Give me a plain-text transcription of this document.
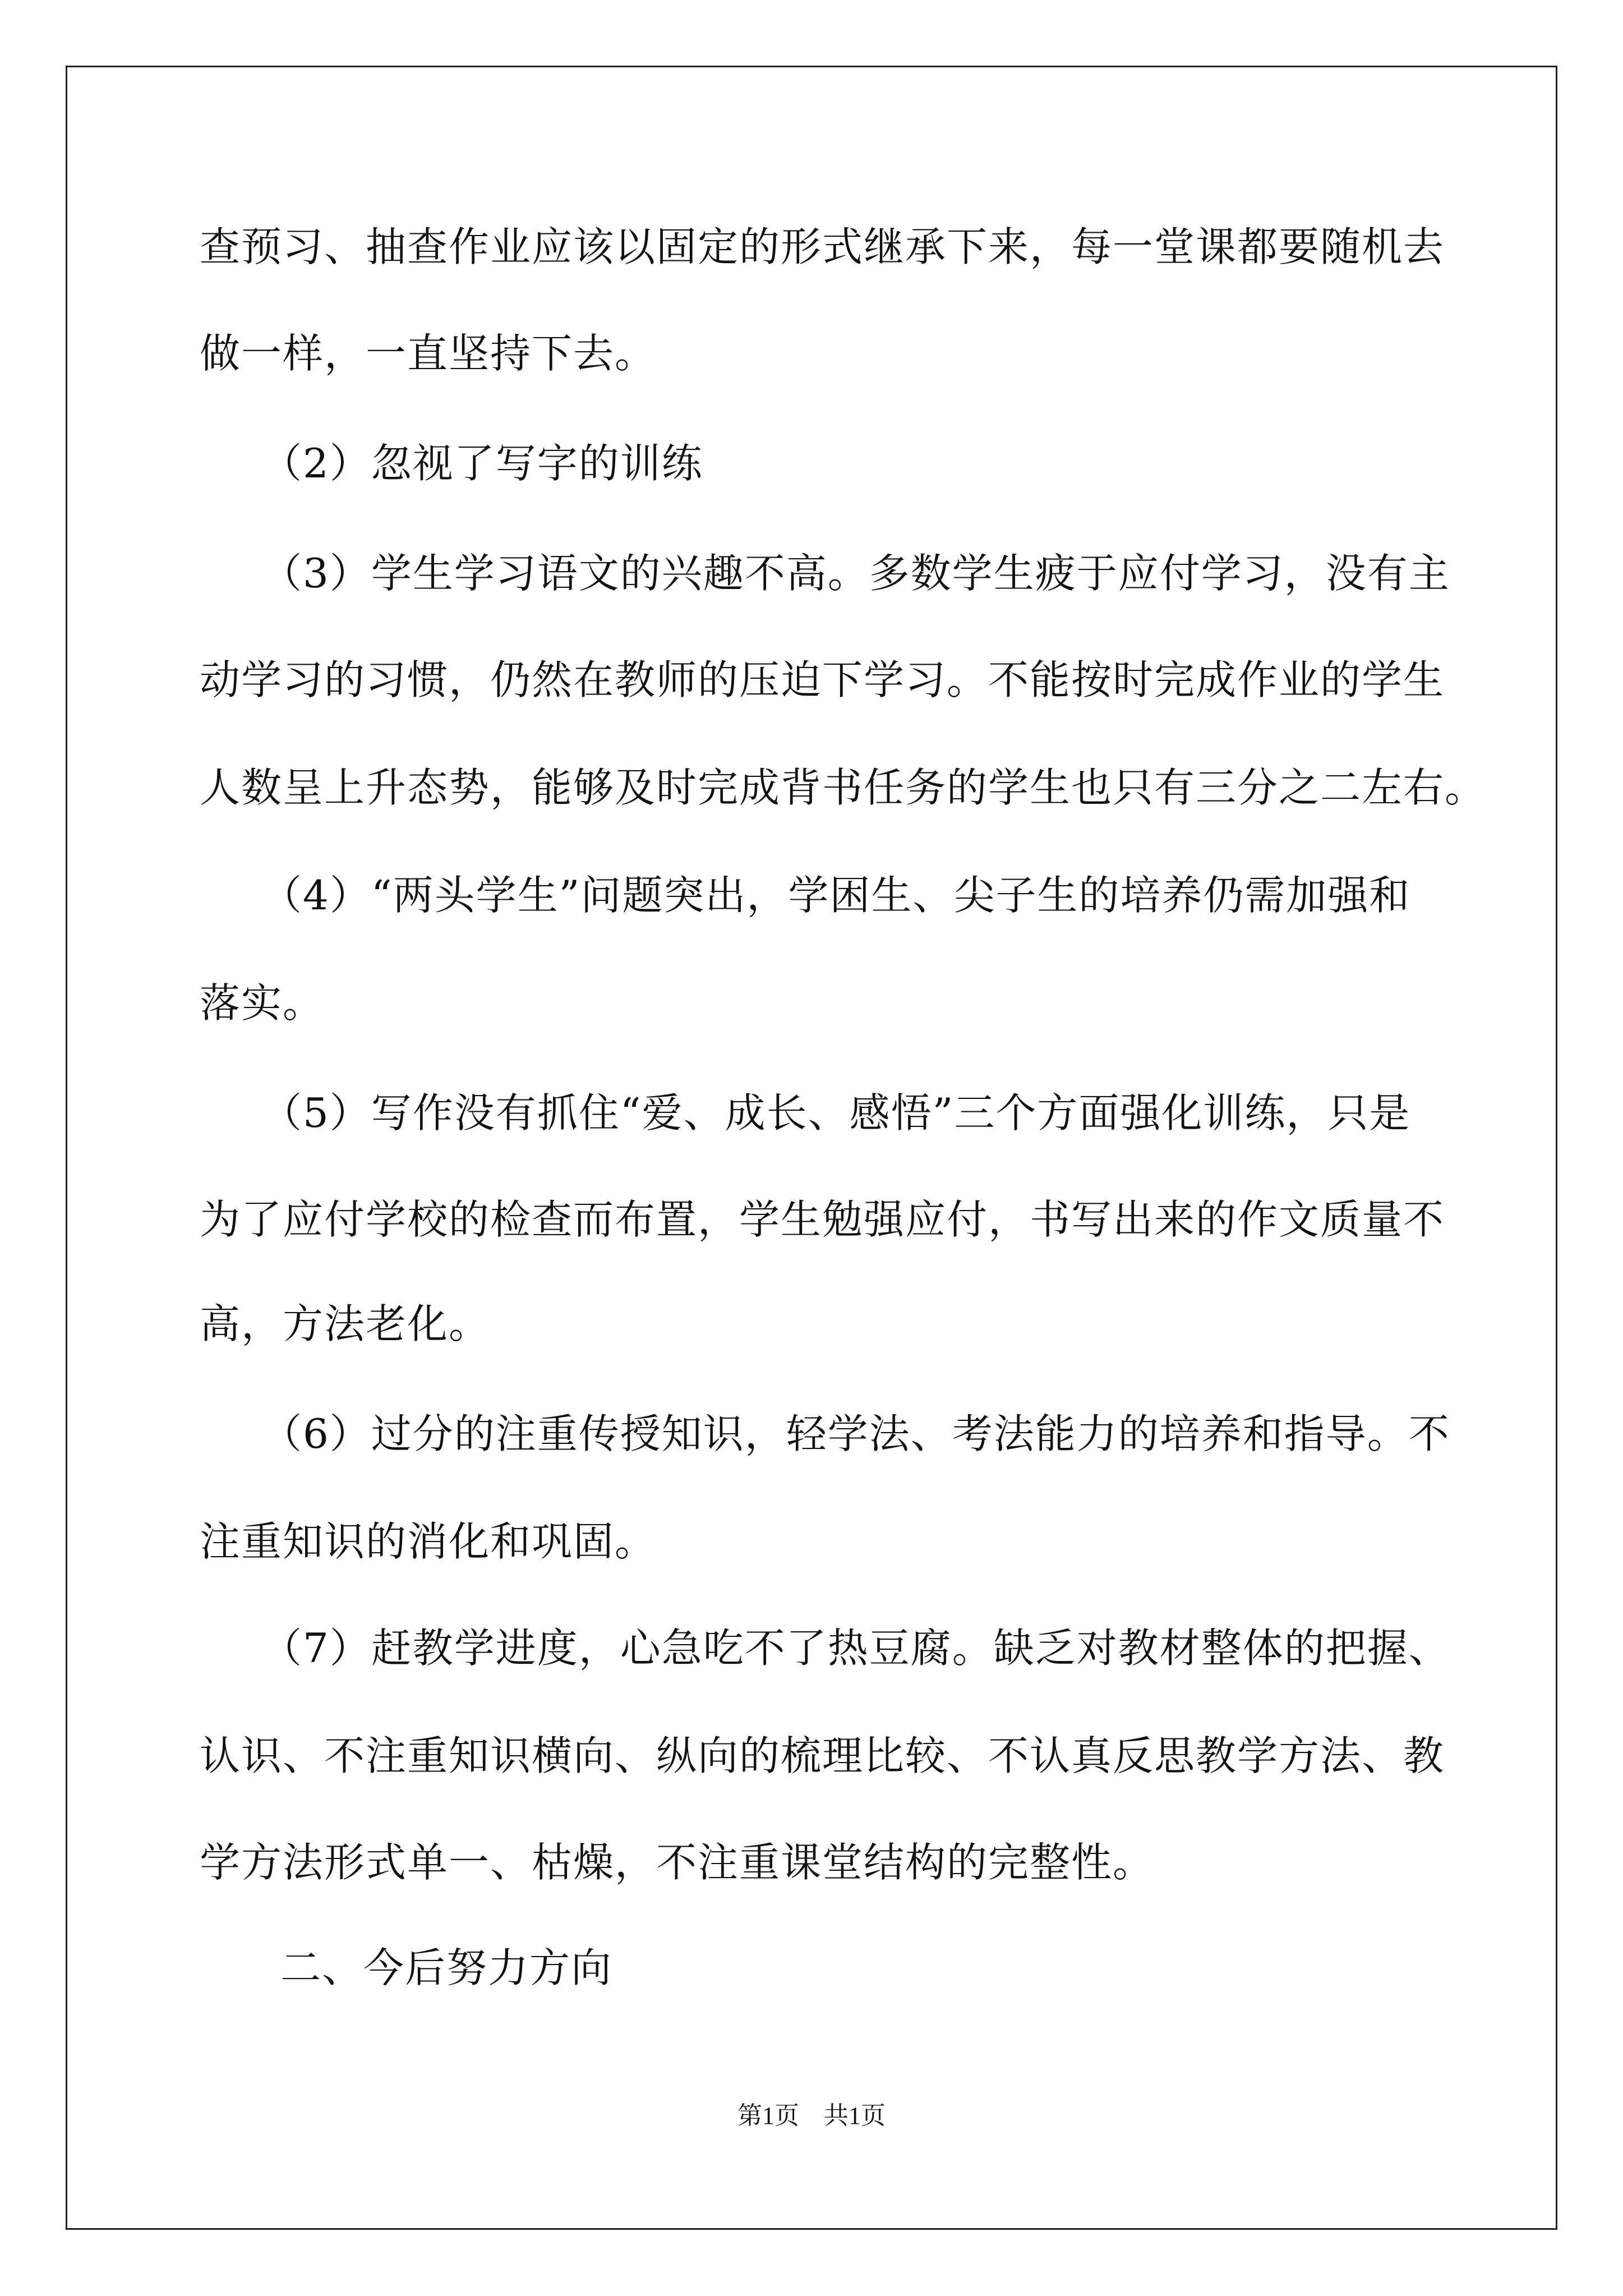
查预习、抽查作业应该以固定的形式继承下来，每一堂课都要随机去
做一样，一直坚持下去。
（2）忽视了写字的训练
（3）学生学习语文的兴趣不高。多数学生疲于应付学习，没有主
动学习的习惯，仍然在教师的压迫下学习。不能按时完成作业的学生
人数呈上升态势，能够及时完成背书任务的学生也只有三分之二左右。
（4）“两头学生”问题突出，学困生、尖子生的培养仍需加强和
落实。
（5）写作没有抓住“爱、成长、感悟”三个方面强化训练，只是
为了应付学校的检查而布置，学生勉强应付，书写出来的作文质量不
高，方法老化。
（6）过分的注重传授知识，轻学法、考法能力的培养和指导。不
注重知识的消化和巩固。
（7）赶教学进度，心急吃不了热豆腐。缺乏对教材整体的把握、
认识、不注重知识横向、纵向的梳理比较、不认真反思教学方法、教
学方法形式单一、枯燥，不注重课堂结构的完整性。
二、今后努力方向
第1页　共1页
